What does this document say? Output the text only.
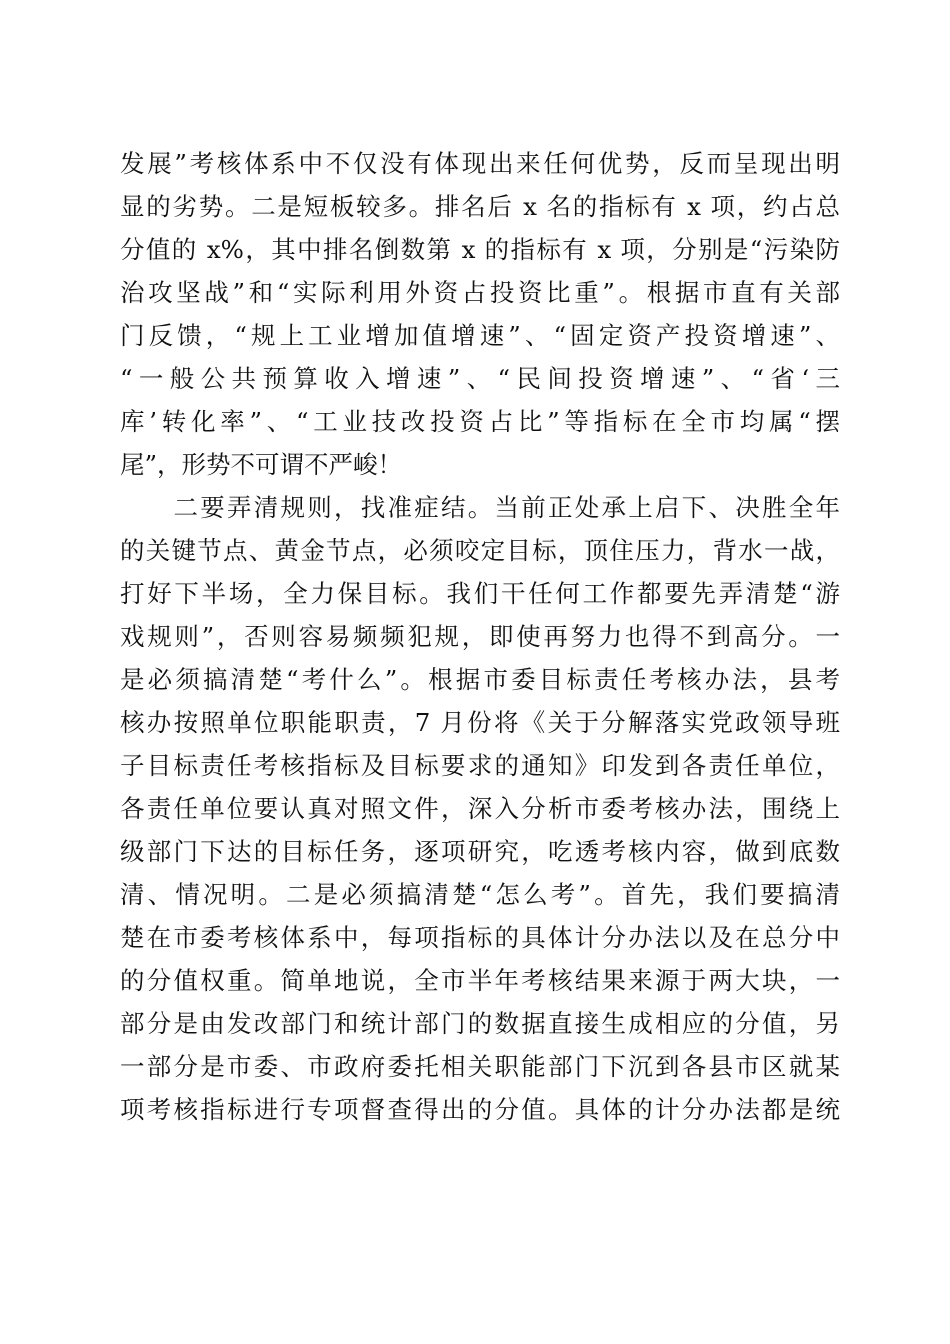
发展”考核体系中不仅没有体现出来任何优势，反而呈现出明
显的劣势。二是短板较多。排名后 x 名的指标有 x 项，约占总
分值的 x%，其中排名倒数第 x 的指标有 x 项，分别是“污染防
治攻坚战”和“实际利用外资占投资比重”。根据市直有关部
门反馈，“规上工业增加值增速”、“固定资产投资增速”、
“一般公共预算收入增速”、“民间投资增速”、“省‘三
库’转化率”、“工业技改投资占比”等指标在全市均属“摆
尾”，形势不可谓不严峻！
　　二要弄清规则，找准症结。当前正处承上启下、决胜全年
的关键节点、黄金节点，必须咬定目标，顶住压力，背水一战，
打好下半场，全力保目标。我们干任何工作都要先弄清楚“游
戏规则”，否则容易频频犯规，即使再努力也得不到高分。一
是必须搞清楚“考什么”。根据市委目标责任考核办法，县考
核办按照单位职能职责，7 月份将《关于分解落实党政领导班
子目标责任考核指标及目标要求的通知》印发到各责任单位，
各责任单位要认真对照文件，深入分析市委考核办法，围绕上
级部门下达的目标任务，逐项研究，吃透考核内容，做到底数
清、情况明。二是必须搞清楚“怎么考”。首先，我们要搞清
楚在市委考核体系中，每项指标的具体计分办法以及在总分中
的分值权重。简单地说，全市半年考核结果来源于两大块，一
部分是由发改部门和统计部门的数据直接生成相应的分值，另
一部分是市委、市政府委托相关职能部门下沉到各县市区就某
项考核指标进行专项督查得出的分值。具体的计分办法都是统
